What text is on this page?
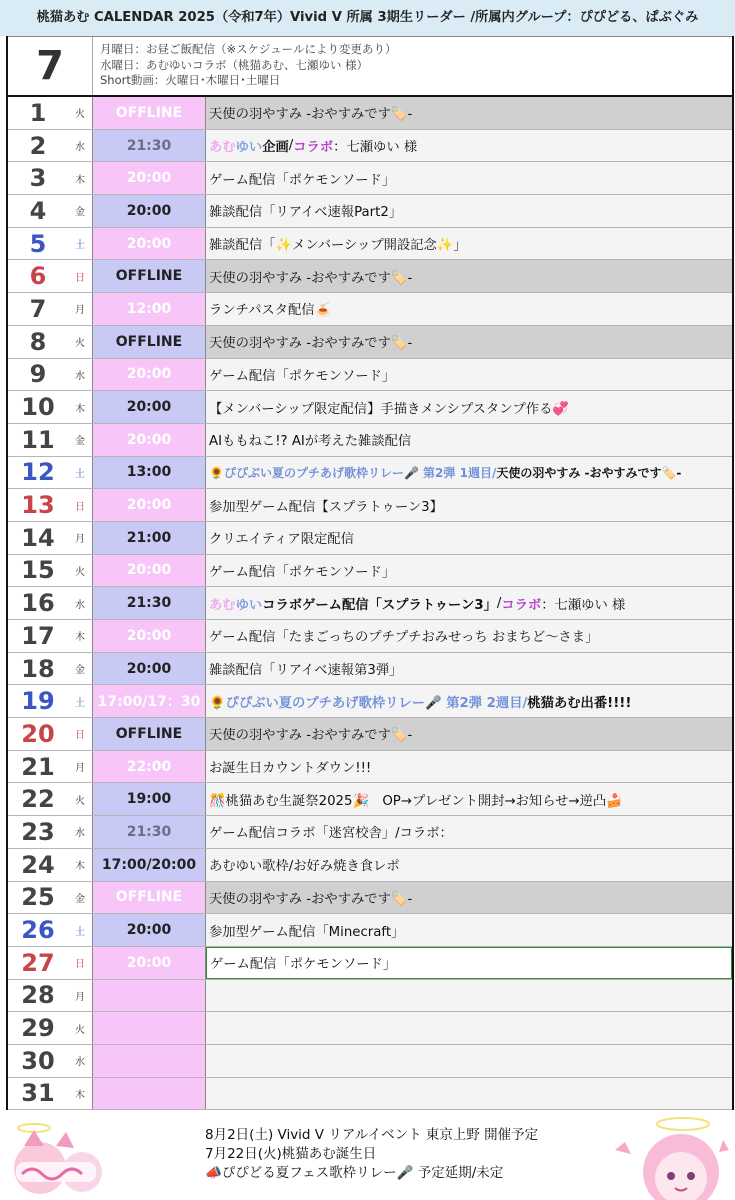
桃猫あむ CALENDAR 2025（令和7年）Vivid V 所属 3期生リーダー /所属内グループ：ぴぴどる、ぱぶぐみ
7	月曜日：お昼ご飯配信（※スケジュールにより変更あり）
水曜日：あむゆいコラボ（桃猫あむ、七瀬ゆい 様）
Short動画：火曜日･木曜日･土曜日
1	火	OFFLINE	天使の羽やすみ -おやすみです🏷️-
2	水	21:30	あむ ゆい 企画 / コラボ ：七瀬ゆい 様
3	木	20:00	ゲーム配信「ポケモンソード」
4	金	20:00	雑談配信「リアイベ速報Part2」
5	土	20:00	雑談配信「✨メンバーシップ開設記念✨」
6	日	OFFLINE	天使の羽やすみ -おやすみです🏷️-
7	月	12:00	ランチパスタ配信🍝
8	火	OFFLINE	天使の羽やすみ -おやすみです🏷️-
9	水	20:00	ゲーム配信「ポケモンソード」
10	木	20:00	【メンバーシップ限定配信】手描きメンシプスタンプ作る💞
11	金	20:00	AIももねこ!? AIが考えた雑談配信
12	土	13:00	🌻ぴぴぶい夏のプチあげ歌枠リレー🎤 第2弾 1週目/ 天使の羽やすみ -おやすみです🏷️-
13	日	20:00	参加型ゲーム配信【スプラトゥーン3】
14	月	21:00	クリエイティア限定配信
15	火	20:00	ゲーム配信「ポケモンソード」
16	水	21:30	あむ ゆい コラボゲーム配信「スプラトゥーン3」 / コラボ ：七瀬ゆい 様
17	木	20:00	ゲーム配信「たまごっちのプチプチおみせっち おまちど～さま」
18	金	20:00	雑談配信「リアイベ速報第3弾」
19	土 17:00/17：30 🌻ぴぴぶい夏のプチあげ歌枠リレー🎤 第2弾 2週目/ 桃猫あむ出番!!!!
20	日	OFFLINE	天使の羽やすみ -おやすみです🏷️-
21	月	22:00	お誕生日カウントダウン!!!
22	火	19:00	🎊桃猫あむ生誕祭2025🎉　OP→プレゼント開封→お知らせ→逆凸🍰
23	水	21:30	ゲーム配信コラボ「迷宮校舎」/コラボ：
24	木	17:00/20:00 あむゆい歌枠/お好み焼き食レポ
25	金	OFFLINE	天使の羽やすみ -おやすみです🏷️-
26	土	20:00	参加型ゲーム配信「Minecraft」
27	日	20:00	ゲーム配信「ポケモンソード」
28	月
29	火
30	水
31	木
8月2日(土) Vivid V リアルイベント 東京上野 開催予定
7月22日(火)桃猫あむ誕生日
📣ぴぴどる夏フェス歌枠リレー🎤 予定延期/未定
